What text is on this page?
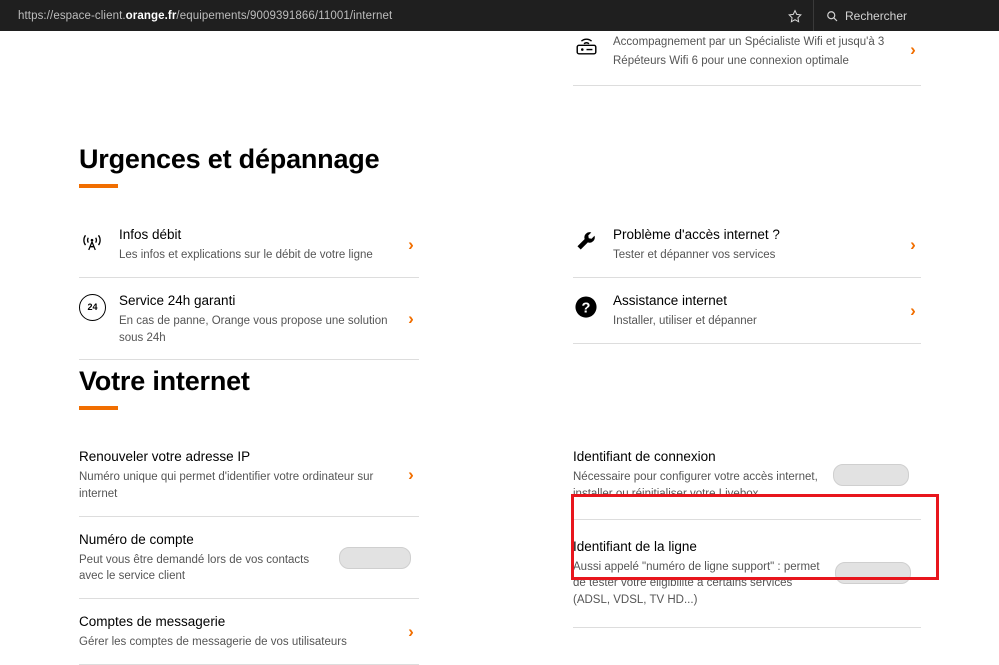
https://espace-client. orange.fr /equipements/9009391866/11001/internet	Rechercher
Accompagnement par un Spécialiste Wifi et jusqu'à 3
Répéteurs Wifi 6 pour une connexion optimale
›
Urgences et dépannage
Infos débit
Les infos et explications sur le débit de votre ligne
›
24	Service 24h garanti
En cas de panne, Orange vous propose une solution sous 24h
›
Problème d'accès internet ?
Tester et dépanner vos services
›
?
Assistance internet
Installer, utiliser et dépanner
›
Votre internet
Renouveler votre adresse IP
Numéro unique qui permet d'identifier votre ordinateur sur internet
›
Numéro de compte
Peut vous être demandé lors de vos contacts avec le service client
Comptes de messagerie
Gérer les comptes de messagerie de vos utilisateurs
›
Identifiant de connexion
Nécessaire pour configurer votre accès internet, installer ou réinitialiser votre Livebox
Identifiant de la ligne
Aussi appelé "numéro de ligne support" : permet de tester votre éligibilité à certains services (ADSL, VDSL, TV HD...)
